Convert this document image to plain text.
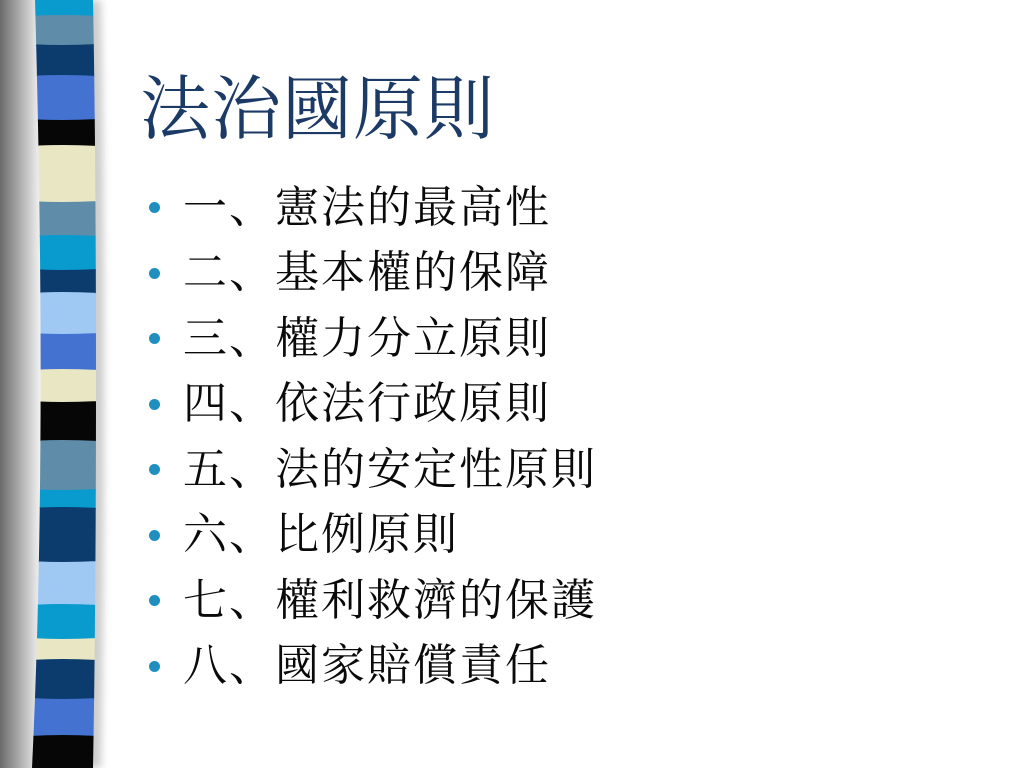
法治國原則
一、憲法的最高性
二、基本權的保障
三、權力分立原則
四、依法行政原則
五、法的安定性原則
六、比例原則
七、權利救濟的保護
八、國家賠償責任
